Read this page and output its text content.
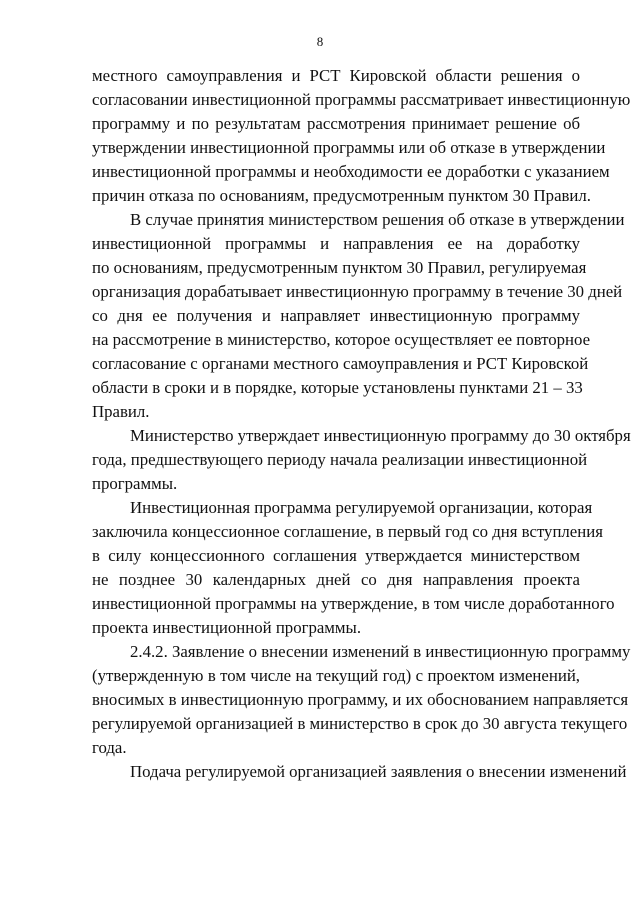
8
местного самоуправления и РСТ Кировской области решения о
согласовании инвестиционной программы рассматривает инвестиционную
программу и по результатам рассмотрения принимает решение об
утверждении инвестиционной программы или об отказе в утверждении
инвестиционной программы и необходимости ее доработки с указанием
причин отказа по основаниям, предусмотренным пунктом 30 Правил.
В случае принятия министерством решения об отказе в утверждении
инвестиционной программы и направления ее на доработку
по основаниям, предусмотренным пунктом 30 Правил, регулируемая
организация дорабатывает инвестиционную программу в течение 30 дней
со дня ее получения и направляет инвестиционную программу
на рассмотрение в министерство, которое осуществляет ее повторное
согласование с органами местного самоуправления и РСТ Кировской
области в сроки и в порядке, которые установлены пунктами 21 – 33
Правил.
Министерство утверждает инвестиционную программу до 30 октября
года, предшествующего периоду начала реализации инвестиционной
программы.
Инвестиционная программа регулируемой организации, которая
заключила концессионное соглашение, в первый год со дня вступления
в силу концессионного соглашения утверждается министерством
не позднее 30 календарных дней со дня направления проекта
инвестиционной программы на утверждение, в том числе доработанного
проекта инвестиционной программы.
2.4.2. Заявление о внесении изменений в инвестиционную программу
(утвержденную в том числе на текущий год) с проектом изменений,
вносимых в инвестиционную программу, и их обоснованием направляется
регулируемой организацией в министерство в срок до 30 августа текущего
года.
Подача регулируемой организацией заявления о внесении изменений
